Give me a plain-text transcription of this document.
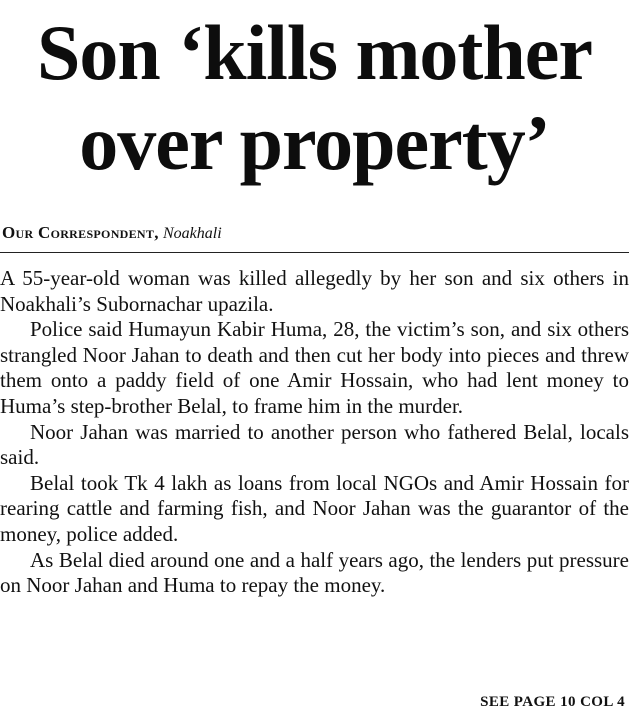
Son ‘kills mother
over property’
Our Correspondent, Noakhali

A 55-year-old woman was killed allegedly by her son and six others in Noakhali’s Subornachar upazila.

Police said Humayun Kabir Huma, 28, the victim’s son, and six others strangled Noor Jahan to death and then cut her body into pieces and threw them onto a paddy field of one Amir Hossain, who had lent money to Huma’s step-brother Belal, to frame him in the murder.

Noor Jahan was married to another person who fathered Belal, locals said.

Belal took Tk 4 lakh as loans from local NGOs and Amir Hossain for rearing cattle and farming fish, and Noor Jahan was the guarantor of the money, police added.

As Belal died around one and a half years ago, the lenders put pressure on Noor Jahan and Huma to repay the money.

SEE PAGE 10 COL 4
